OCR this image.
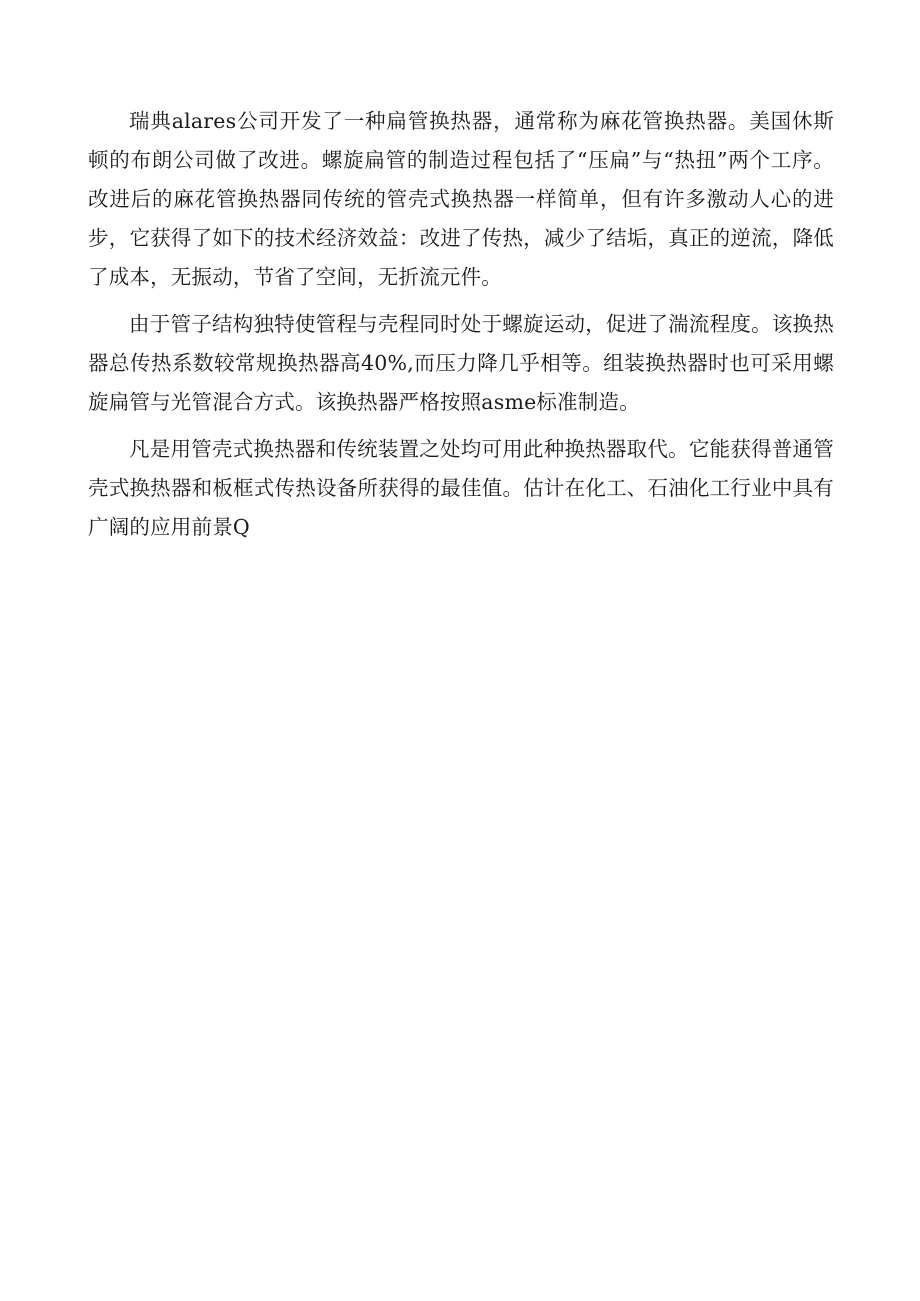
瑞典alares公司开发了一种扁管换热器，通常称为麻花管换热器。美国休斯顿的布朗公司做了改进。螺旋扁管的制造过程包括了“压扁”与“热扭”两个工序。改进后的麻花管换热器同传统的管壳式换热器一样简单，但有许多激动人心的进步，它获得了如下的技术经济效益：改进了传热，减少了结垢，真正的逆流，降低了成本，无振动，节省了空间，无折流元件。

由于管子结构独特使管程与壳程同时处于螺旋运动，促进了湍流程度。该换热器总传热系数较常规换热器高40%,而压力降几乎相等。组装换热器时也可采用螺旋扁管与光管混合方式。该换热器严格按照asme标准制造。

凡是用管壳式换热器和传统装置之处均可用此种换热器取代。它能获得普通管壳式换热器和板框式传热设备所获得的最佳值。估计在化工、石油化工行业中具有广阔的应用前景Q
